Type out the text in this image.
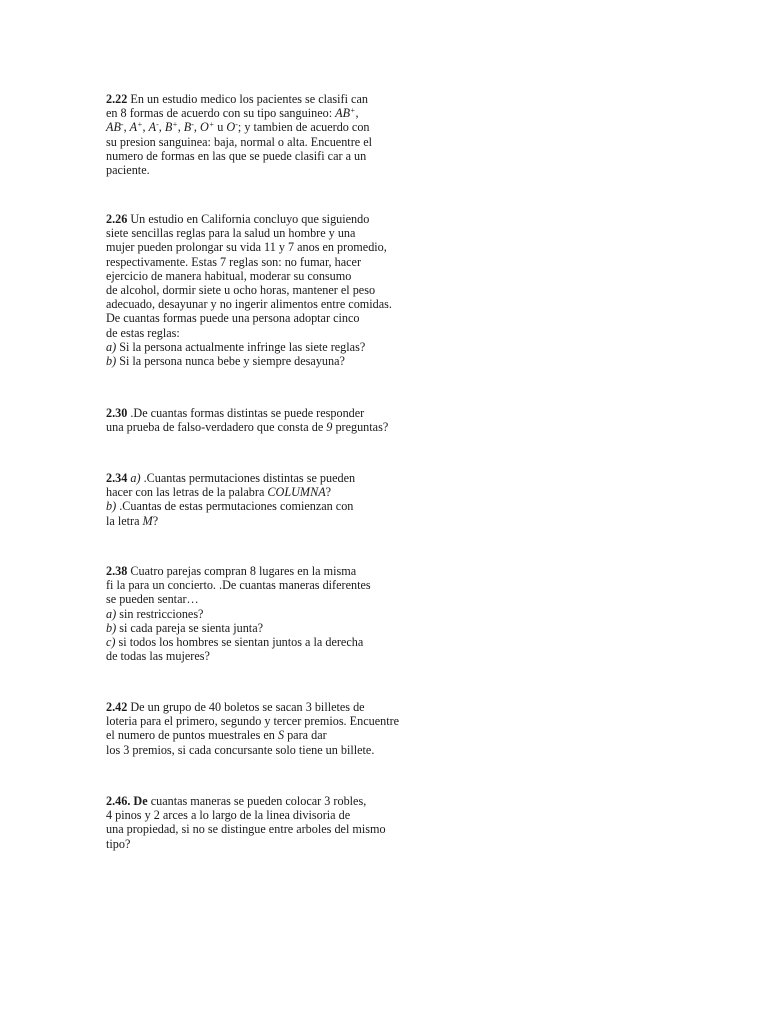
2.22 En un estudio medico los pacientes se clasifi can
en 8 formas de acuerdo con su tipo sanguineo: AB+,
AB-, A+, A-, B+, B-, O+ u O-; y tambien de acuerdo con
su presion sanguinea: baja, normal o alta. Encuentre el
numero de formas en las que se puede clasifi car a un
paciente.
2.26 Un estudio en California concluyo que siguiendo
siete sencillas reglas para la salud un hombre y una
mujer pueden prolongar su vida 11 y 7 anos en promedio,
respectivamente. Estas 7 reglas son: no fumar, hacer
ejercicio de manera habitual, moderar su consumo
de alcohol, dormir siete u ocho horas, mantener el peso
adecuado, desayunar y no ingerir alimentos entre comidas.
De cuantas formas puede una persona adoptar cinco
de estas reglas:
a) Si la persona actualmente infringe las siete reglas?
b) Si la persona nunca bebe y siempre desayuna?
2.30 .De cuantas formas distintas se puede responder
una prueba de falso-verdadero que consta de 9 preguntas?
2.34 a) .Cuantas permutaciones distintas se pueden
hacer con las letras de la palabra COLUMNA?
b) .Cuantas de estas permutaciones comienzan con
la letra M?
2.38 Cuatro parejas compran 8 lugares en la misma
fi la para un concierto. .De cuantas maneras diferentes
se pueden sentar…
a) sin restricciones?
b) si cada pareja se sienta junta?
c) si todos los hombres se sientan juntos a la derecha
de todas las mujeres?
2.42 De un grupo de 40 boletos se sacan 3 billetes de
loteria para el primero, segundo y tercer premios. Encuentre
el numero de puntos muestrales en S para dar
los 3 premios, si cada concursante solo tiene un billete.
2.46. De cuantas maneras se pueden colocar 3 robles,
4 pinos y 2 arces a lo largo de la linea divisoria de
una propiedad, si no se distingue entre arboles del mismo
tipo?
